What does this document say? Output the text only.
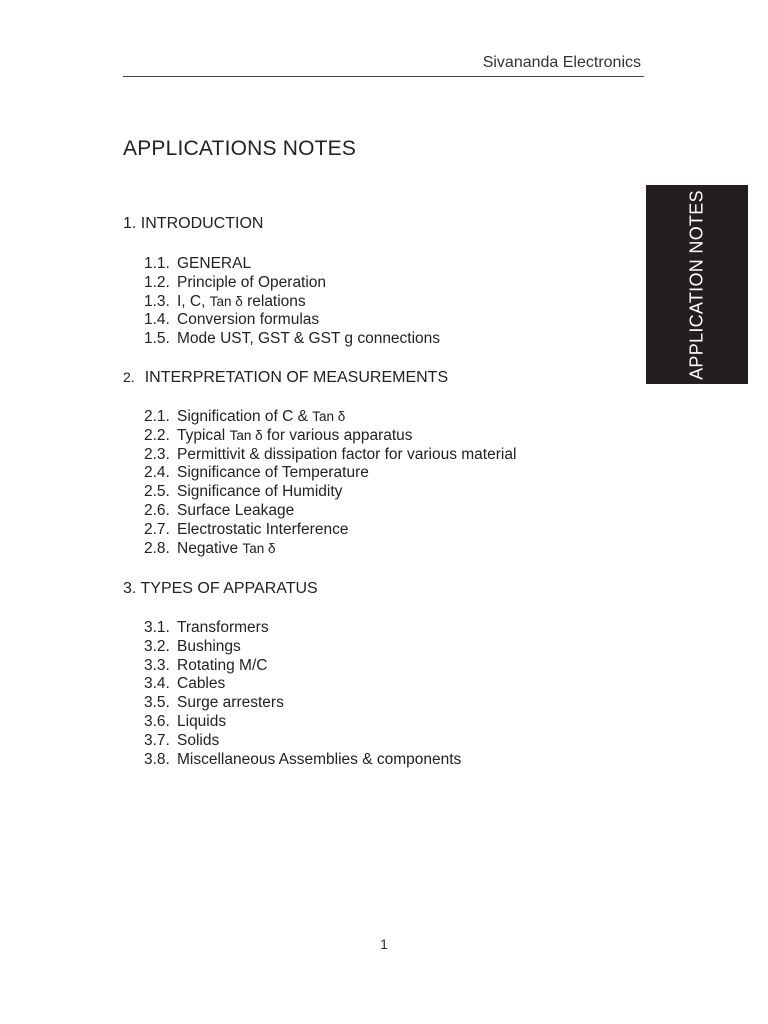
Sivananda Electronics
APPLICATIONS NOTES
APPLICATION NOTES
1. INTRODUCTION
1.1. GENERAL
1.2. Principle of Operation
1.3. I, C, Tan δ relations
1.4. Conversion formulas
1.5. Mode UST, GST & GST g connections
2. INTERPRETATION OF MEASUREMENTS
2.1. Signification of C & Tan δ
2.2. Typical Tan δ for various apparatus
2.3. Permittivit & dissipation factor for various material
2.4. Significance of Temperature
2.5. Significance of Humidity
2.6. Surface Leakage
2.7. Electrostatic Interference
2.8. Negative Tan δ
3. TYPES OF APPARATUS
3.1. Transformers
3.2. Bushings
3.3. Rotating M/C
3.4. Cables
3.5. Surge arresters
3.6. Liquids
3.7. Solids
3.8. Miscellaneous Assemblies & components
1
